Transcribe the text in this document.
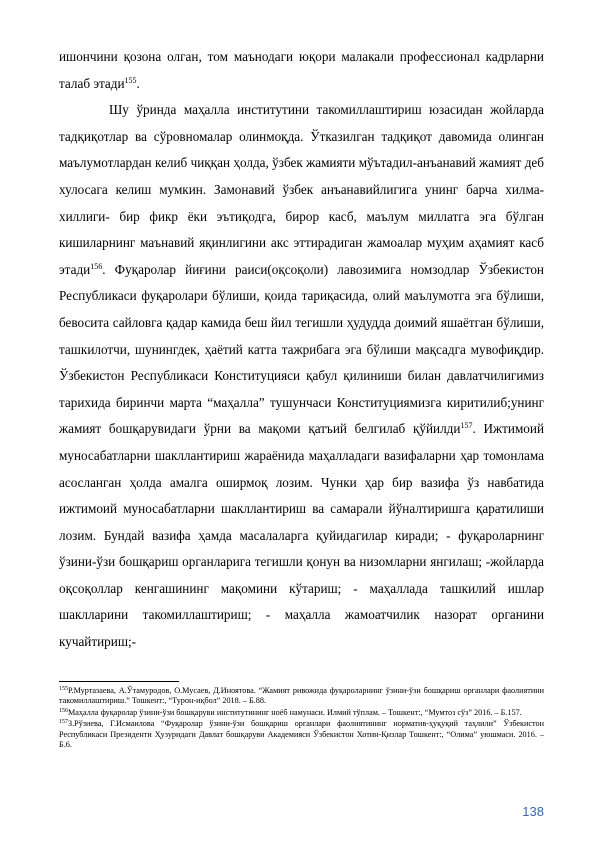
ишончини қозона олган, том маънодаги юқори малакали профессионал кадрларни талаб этади$^{155}$.

Шу ўринда маҳалла институтини такомиллаштириш юзасидан жойларда тадқиқотлар ва сўровномалар олинмоқда. Ўтказилган тадқиқот давомида олинган маълумотлардан келиб чиққан ҳолда, ўзбек жамияти мўътадил-анъанавий жамият деб хулосага келиш мумкин. Замонавий ўзбек анъанавийлигига унинг барча хилма-хиллиги- бир фикр ёки эътиқодга, бирор касб, маълум миллатга эга бўлган кишиларнинг маънавий яқинлигини акс эттирадиган жамоалар муҳим аҳамият касб этади$^{156}$. Фуқаролар йиғини раиси(оқсоқоли) лавозимига номзодлар Ўзбекистон Республикаси фуқаролари бўлиши, қоида тариқасида, олий маълумотга эга бўлиши, бевосита сайловга қадар камида беш йил тегишли ҳудудда доимий яшаётган бўлиши, ташкилотчи, шунингдек, ҳаётий катта тажрибага эга бўлиши мақсадга мувофиқдир. Ўзбекистон Республикаси Конституцияси қабул қилиниши билан давлатчилигимиз тарихида биринчи марта “маҳалла” тушунчаси Конституциямизга киритилиб;унинг жамият бошқарувидаги ўрни ва мақоми қатъий белгилаб қўйилди$^{157}$. Ижтимоий муносабатларни шакллантириш жараёнида маҳалладаги вазифаларни ҳар томонлама асосланган ҳолда амалга оширмоқ лозим. Чунки ҳар бир вазифа ўз навбатида ижтимоий муносабатларни шакллантириш ва самарали йўналтиришга қаратилиши лозим. Бундай вазифа ҳамда масалаларга қуйидагилар киради; - фуқароларнинг ўзини-ўзи бошқариш органларига тегишли қонун ва низомларни янгилаш; -жойларда оқсоқоллар кенгашининг мақомини кўтариш; - маҳаллада ташкилий ишлар шаклларини такомиллаштириш; - маҳалла жамоатчилик назорат органини кучайтириш;-

$^{155}$Р.Муртазаева, А.Ўтамуродов, О.Мусаев, Д.Иноятова. “Жамият ривожида фуқароларнинг ўзини-ўзи бошқариш органлари фаолиятини такомиллаштириш.” Тошкент:, “Турон-иқбол” 2018. – Б.88.

$^{156}$Маҳалла фуқаролар ўзини-ўзи бошқаруви институтининг ноёб намунаси. Илмий тўплам. – Тошкент:, “Мумтоз сўз” 2016. – Б.157.

$^{157}$З.Рўзиева, Г.Исмаилова “Фуқаролар ўзини-ўзи бошқариш органлари фаолиятининг норматив-ҳуқуқий таҳлили” Ўзбекистон Республикаси Президенти Ҳузуридаги Давлат бошқаруви Академияси Ўзбекистон Хотин-Қизлар Тошкент:, “Олима” уюшмаси. 2016. – Б.6.

138
